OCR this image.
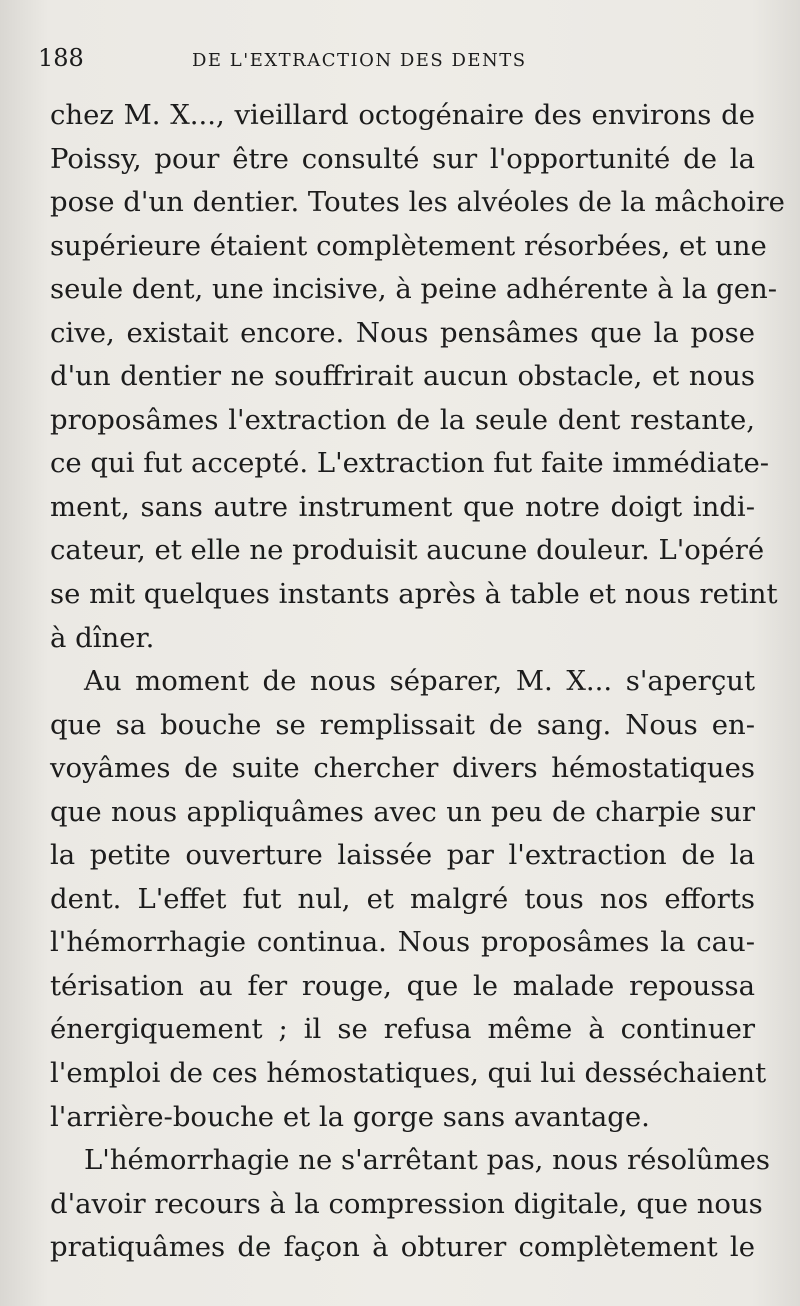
188	DE L'EXTRACTION DES DENTS

chez M. X..., vieillard octogénaire des environs de
Poissy, pour être consulté sur l'opportunité de la
pose d'un dentier. Toutes les alvéoles de la mâchoire
supérieure étaient complètement résorbées, et une
seule dent, une incisive, à peine adhérente à la gen-
cive, existait encore. Nous pensâmes que la pose
d'un dentier ne souffrirait aucun obstacle, et nous
proposâmes l'extraction de la seule dent restante,
ce qui fut accepté. L'extraction fut faite immédiate-
ment, sans autre instrument que notre doigt indi-
cateur, et elle ne produisit aucune douleur. L'opéré
se mit quelques instants après à table et nous retint
à dîner.

Au moment de nous séparer, M. X... s'aperçut
que sa bouche se remplissait de sang. Nous en-
voyâmes de suite chercher divers hémostatiques
que nous appliquâmes avec un peu de charpie sur
la petite ouverture laissée par l'extraction de la
dent. L'effet fut nul, et malgré tous nos efforts
l'hémorrhagie continua. Nous proposâmes la cau-
térisation au fer rouge, que le malade repoussa
énergiquement ; il se refusa même à continuer
l'emploi de ces hémostatiques, qui lui desséchaient
l'arrière-bouche et la gorge sans avantage.

L'hémorrhagie ne s'arrêtant pas, nous résolûmes
d'avoir recours à la compression digitale, que nous
pratiquâmes de façon à obturer complètement le
